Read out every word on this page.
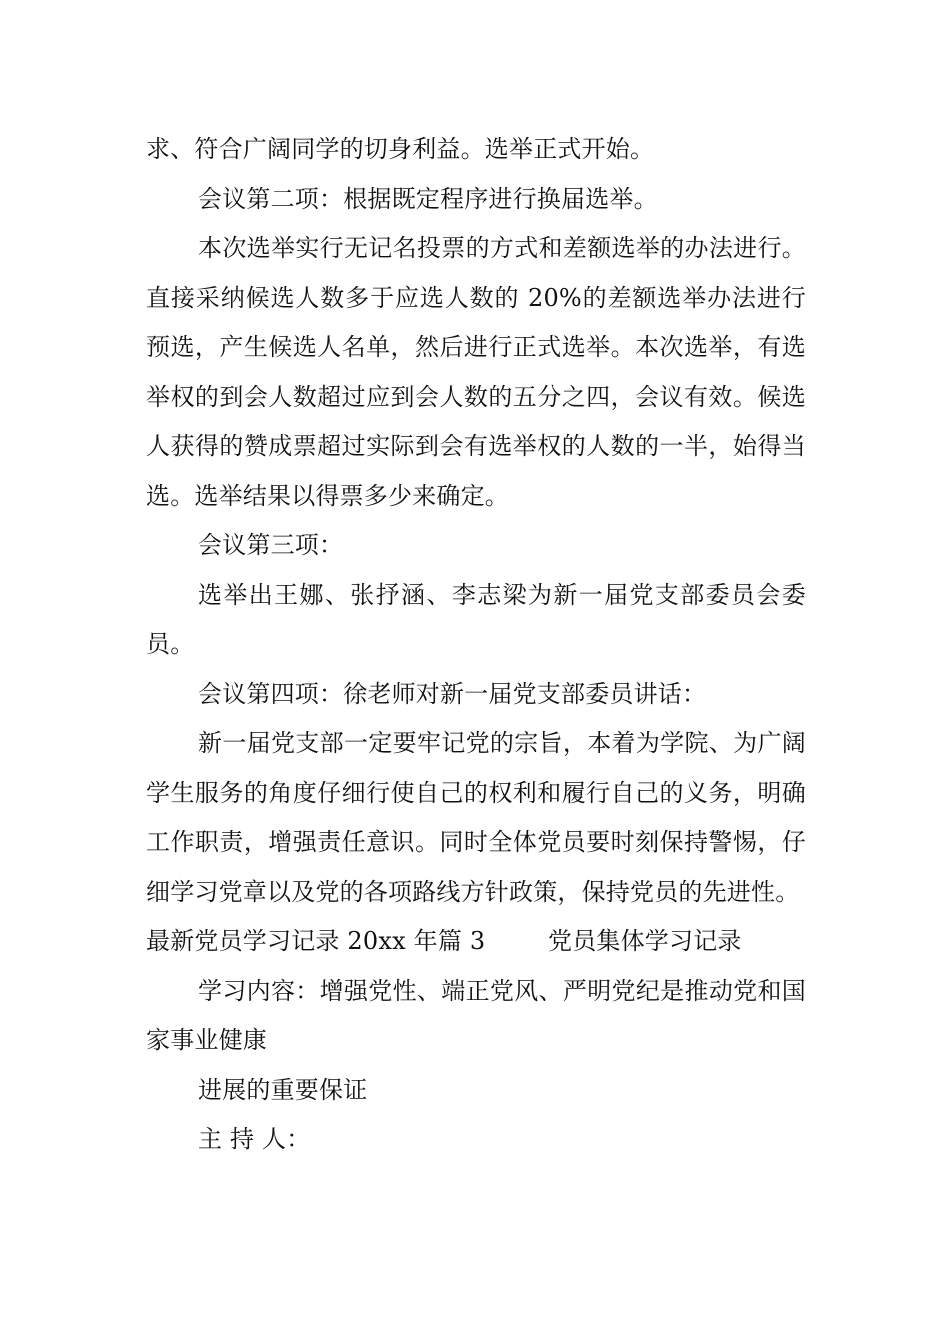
求、符合广阔同学的切身利益。选举正式开始。

会议第二项：根据既定程序进行换届选举。

本次选举实行无记名投票的方式和差额选举的办法进行。直接采纳候选人数多于应选人数的 20%的差额选举办法进行预选，产生候选人名单，然后进行正式选举。本次选举，有选举权的到会人数超过应到会人数的五分之四，会议有效。候选人获得的赞成票超过实际到会有选举权的人数的一半，始得当选。选举结果以得票多少来确定。

会议第三项：

选举出王娜、张抒涵、李志梁为新一届党支部委员会委员。

会议第四项：徐老师对新一届党支部委员讲话：

新一届党支部一定要牢记党的宗旨，本着为学院、为广阔学生服务的角度仔细行使自己的权利和履行自己的义务，明确工作职责，增强责任意识。同时全体党员要时刻保持警惕，仔细学习党章以及党的各项路线方针政策，保持党员的先进性。

最新党员学习记录 20xx 年篇 3        党员集体学习记录

学习内容：增强党性、端正党风、严明党纪是推动党和国家事业健康

进展的重要保证

主 持 人：
